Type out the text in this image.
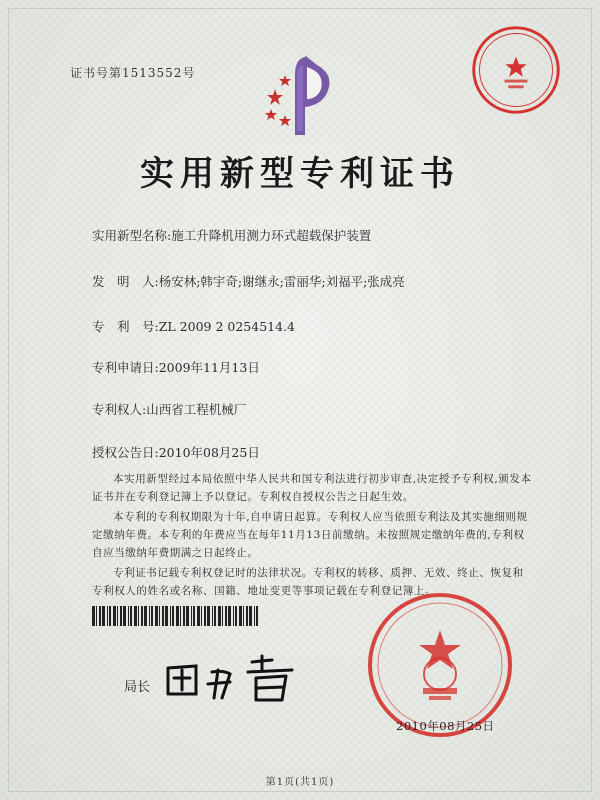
证书号第1513552号
实用新型专利证书
实用新型名称:施工升降机用测力环式超载保护装置
发　明　人:杨安林;韩宇奇;谢继永;雷丽华;刘福平;张成亮
专　利　号:ZL 2009 2 0254514.4
专利申请日:2009年11月13日
专利权人:山西省工程机械厂
授权公告日:2010年08月25日

本实用新型经过本局依照中华人民共和国专利法进行初步审查,决定授予专利权,颁发本证书并在专利登记簿上予以登记。专利权自授权公告之日起生效。

本专利的专利权期限为十年,自申请日起算。专利权人应当依照专利法及其实施细则规定缴纳年费。本专利的年费应当在每年11月13日前缴纳。未按照规定缴纳年费的,专利权自应当缴纳年费期满之日起终止。

专利证书记载专利权登记时的法律状况。专利权的转移、质押、无效、终止、恢复和专利权人的姓名或名称、国籍、地址变更等事项记载在专利登记簿上。

局长
2010年08月25日
第1页(共1页)
